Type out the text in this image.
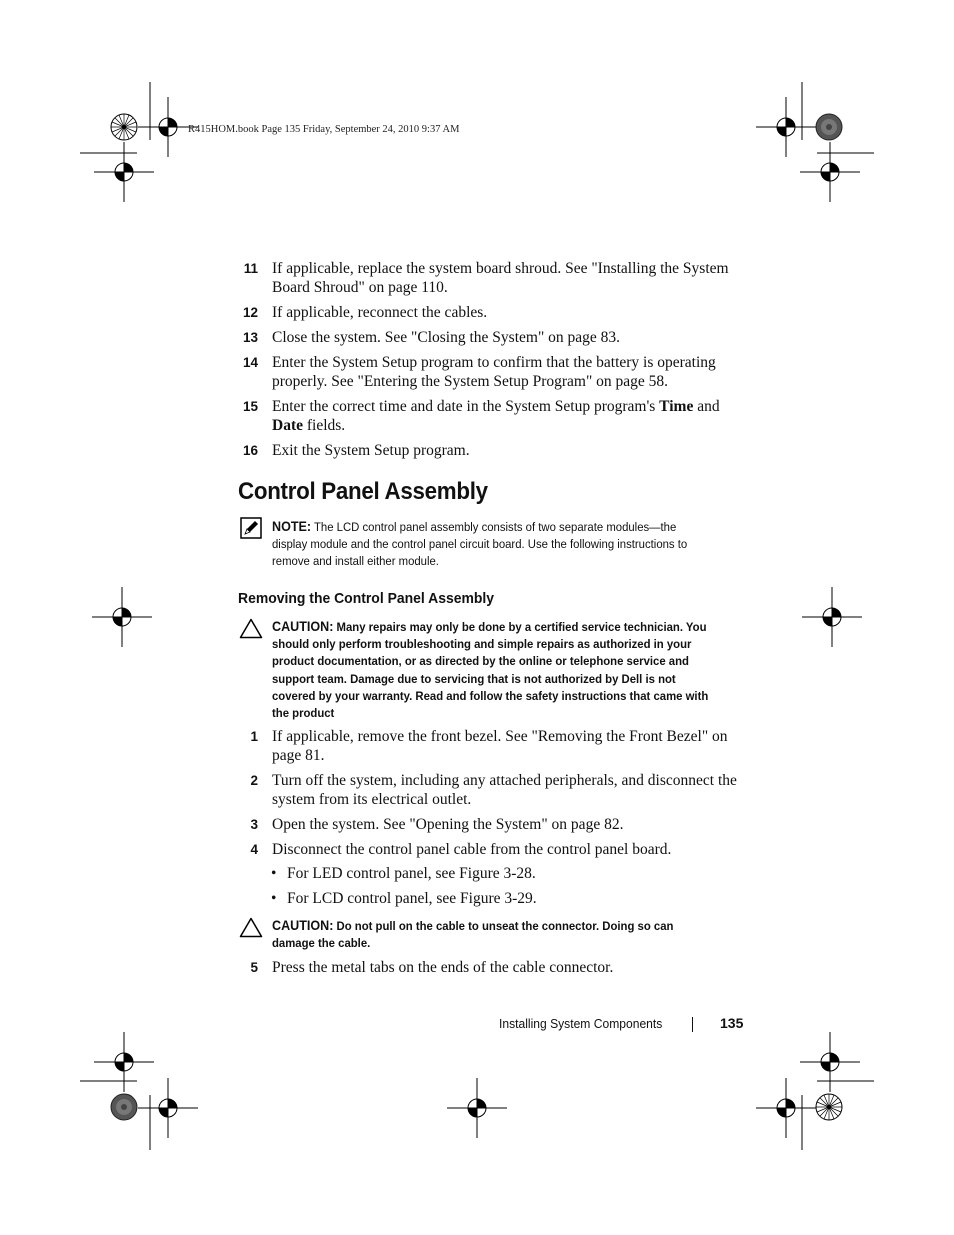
R415HOM.book Page 135 Friday, September 24, 2010 9:37 AM
11 If applicable, replace the system board shroud. See "Installing the System Board Shroud" on page 110.
12 If applicable, reconnect the cables.
13 Close the system. See "Closing the System" on page 83.
14 Enter the System Setup program to confirm that the battery is operating properly. See "Entering the System Setup Program" on page 58.
15 Enter the correct time and date in the System Setup program's Time and Date fields.
16 Exit the System Setup program.
Control Panel Assembly
NOTE: The LCD control panel assembly consists of two separate modules—the display module and the control panel circuit board. Use the following instructions to remove and install either module.
Removing the Control Panel Assembly
CAUTION: Many repairs may only be done by a certified service technician. You should only perform troubleshooting and simple repairs as authorized in your product documentation, or as directed by the online or telephone service and support team. Damage due to servicing that is not authorized by Dell is not covered by your warranty. Read and follow the safety instructions that came with the product
1 If applicable, remove the front bezel. See "Removing the Front Bezel" on page 81.
2 Turn off the system, including any attached peripherals, and disconnect the system from its electrical outlet.
3 Open the system. See "Opening the System" on page 82.
4 Disconnect the control panel cable from the control panel board.
• For LED control panel, see Figure 3-28.
• For LCD control panel, see Figure 3-29.
CAUTION: Do not pull on the cable to unseat the connector. Doing so can damage the cable.
5 Press the metal tabs on the ends of the cable connector.
Installing System Components	135
